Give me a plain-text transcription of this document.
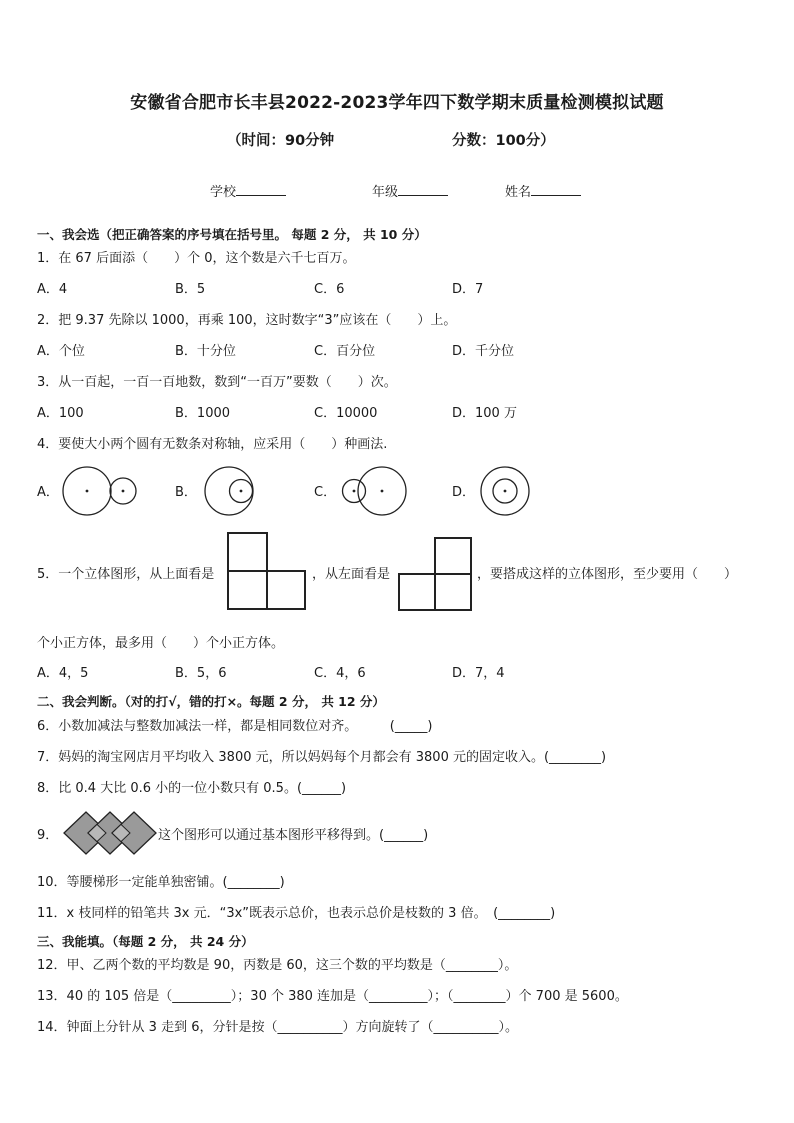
安徽省合肥市长丰县2022-2023学年四下数学期末质量检测模拟试题
（时间：90分钟	分数：100分）
学校	年级	姓名
一、我会选（把正确答案的序号填在括号里。 每题 2 分， 共 10 分）
1．在 67 后面添（　　）个 0，这个数是六千七百万。
A．4	B．5	C．6	D．7
2．把 9.37 先除以 1000，再乘 100，这时数字“3”应该在（　　）上。
A．个位	B．十分位	C．百分位	D．千分位
3．从一百起，一百一百地数，数到“一百万”要数（　　）次。
A．100	B．1000	C．10000	D．100 万
4．要使大小两个圆有无数条对称轴，应采用（　　）种画法.
A．	B．	C．	D．
5．一个立体图形，从上面看是	，从左面看是	，要搭成这样的立体图形，至少要用（　　）
个小正方体，最多用（　　）个小正方体。
A．4，5	B．5，6	C．4，6	D．7，4
二、我会判断。（对的打√，错的打×。每题 2 分， 共 12 分）
6．小数加减法与整数加减法一样，都是相同数位对齐。　　　(_____)
7．妈妈的淘宝网店月平均收入 3800 元，所以妈妈每个月都会有 3800 元的固定收入。(________)
8．比 0.4 大比 0.6 小的一位小数只有 0.5。(______)
9．	这个图形可以通过基本图形平移得到。(______)
10．等腰梯形一定能单独密铺。(________)
11．x 枝同样的铅笔共 3x 元．“3x”既表示总价，也表示总价是枝数的 3 倍。　(________)
三、我能填。（每题 2 分， 共 24 分）
12．甲、乙两个数的平均数是 90，丙数是 60，这三个数的平均数是（________）。
13．40 的 105 倍是（_________）；30 个 380 连加是（_________）；（________）个 700 是 5600。
14．钟面上分针从 3 走到 6，分针是按（__________）方向旋转了（__________）。
